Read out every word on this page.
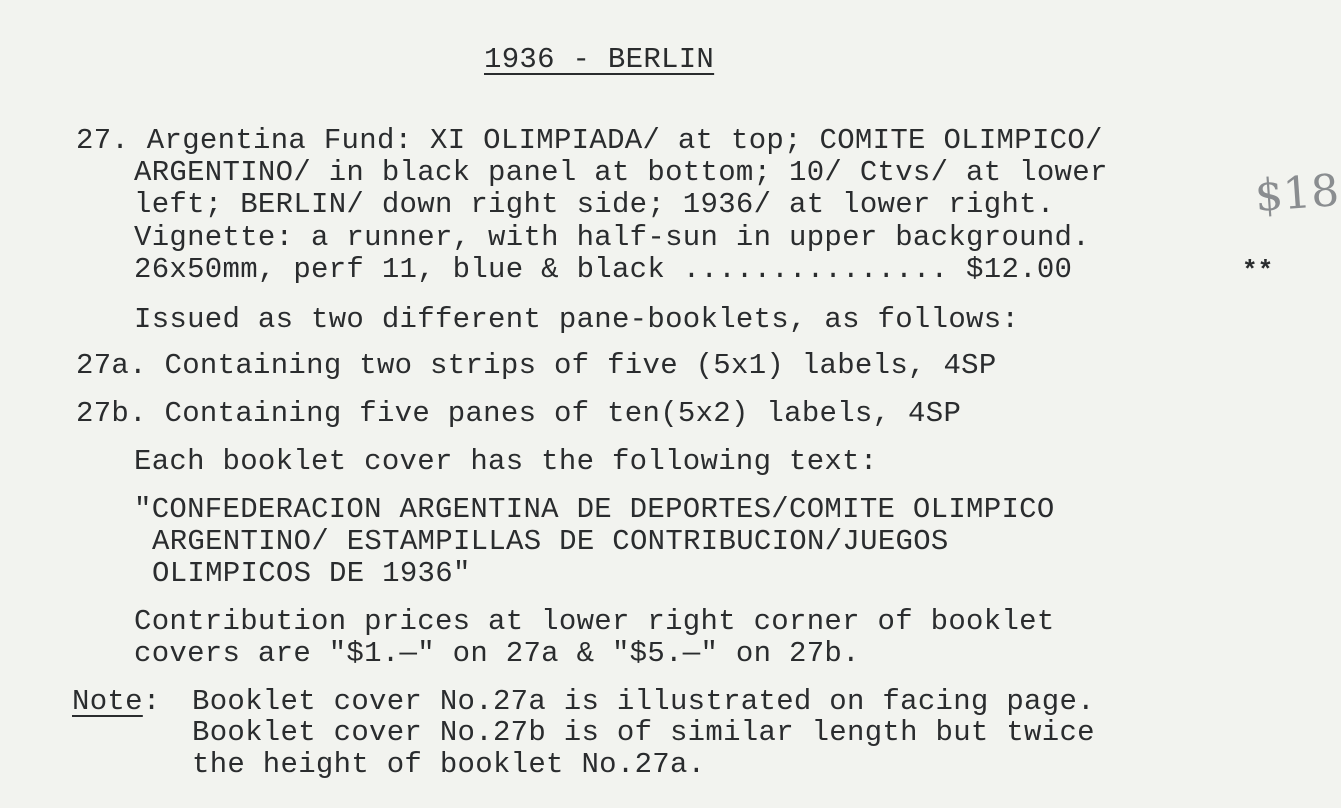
1936 - BERLIN
27. Argentina Fund: XI OLIMPIADA/ at top; COMITE OLIMPICO/
ARGENTINO/ in black panel at bottom; 10/ Ctvs/ at lower
left; BERLIN/ down right side; 1936/ at lower right.
Vignette: a runner, with half-sun in upper background.
26x50mm, perf 11, blue & black ............... $12.00
$18
**
Issued as two different pane-booklets, as follows:
27a. Containing two strips of five (5x1) labels, 4SP
27b. Containing five panes of ten(5x2) labels, 4SP
Each booklet cover has the following text:
"CONFEDERACION ARGENTINA DE DEPORTES/COMITE OLIMPICO
ARGENTINO/ ESTAMPILLAS DE CONTRIBUCION/JUEGOS
OLIMPICOS DE 1936"
Contribution prices at lower right corner of booklet
covers are "$1.—" on 27a & "$5.—" on 27b.
Note: Booklet cover No.27a is illustrated on facing page.
Booklet cover No.27b is of similar length but twice
the height of booklet No.27a.
